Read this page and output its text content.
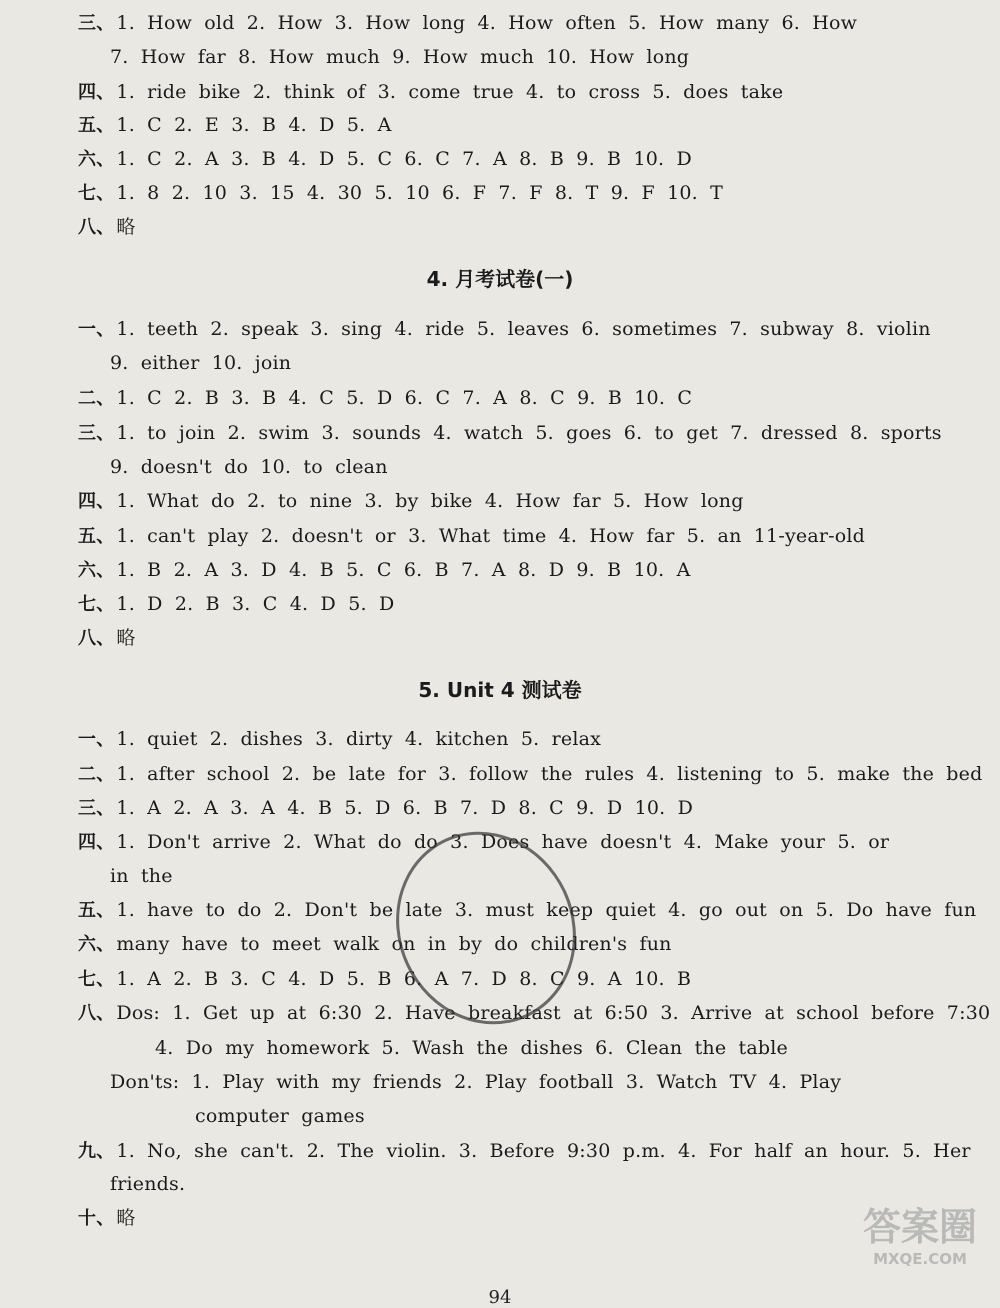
三、 1. How old 2. How 3. How long 4. How often 5. How many 6. How
7. How far 8. How much 9. How much 10. How long
四、 1. ride bike 2. think of 3. come true 4. to cross 5. does take
五、 1. C 2. E 3. B 4. D 5. A
六、 1. C 2. A 3. B 4. D 5. C 6. C 7. A 8. B 9. B 10. D
七、 1. 8 2. 10 3. 15 4. 30 5. 10 6. F 7. F 8. T 9. F 10. T
八、 略
4. 月考试卷(一)
一、 1. teeth 2. speak 3. sing 4. ride 5. leaves 6. sometimes 7. subway 8. violin
9. either 10. join
二、 1. C 2. B 3. B 4. C 5. D 6. C 7. A 8. C 9. B 10. C
三、 1. to join 2. swim 3. sounds 4. watch 5. goes 6. to get 7. dressed 8. sports
9. doesn't do 10. to clean
四、 1. What do 2. to nine 3. by bike 4. How far 5. How long
五、 1. can't play 2. doesn't or 3. What time 4. How far 5. an 11-year-old
六、 1. B 2. A 3. D 4. B 5. C 6. B 7. A 8. D 9. B 10. A
七、 1. D 2. B 3. C 4. D 5. D
八、 略
5. Unit 4 测试卷
一、 1. quiet 2. dishes 3. dirty 4. kitchen 5. relax
二、 1. after school 2. be late for 3. follow the rules 4. listening to 5. make the bed
三、 1. A 2. A 3. A 4. B 5. D 6. B 7. D 8. C 9. D 10. D
四、 1. Don't arrive 2. What do do 3. Does have doesn't 4. Make your 5. or
in the
五、 1. have to do 2. Don't be late 3. must keep quiet 4. go out on 5. Do have fun
六、 many have to meet walk on in by do children's fun
七、 1. A 2. B 3. C 4. D 5. B 6. A 7. D 8. C 9. A 10. B
八、 Dos: 1. Get up at 6:30 2. Have breakfast at 6:50 3. Arrive at school before 7:30
4. Do my homework 5. Wash the dishes 6. Clean the table
Don'ts: 1. Play with my friends 2. Play football 3. Watch TV 4. Play
computer games
九、 1. No, she can't. 2. The violin. 3. Before 9:30 p.m. 4. For half an hour. 5. Her
friends.
十、 略	答案圈
MXQE.COM
94
